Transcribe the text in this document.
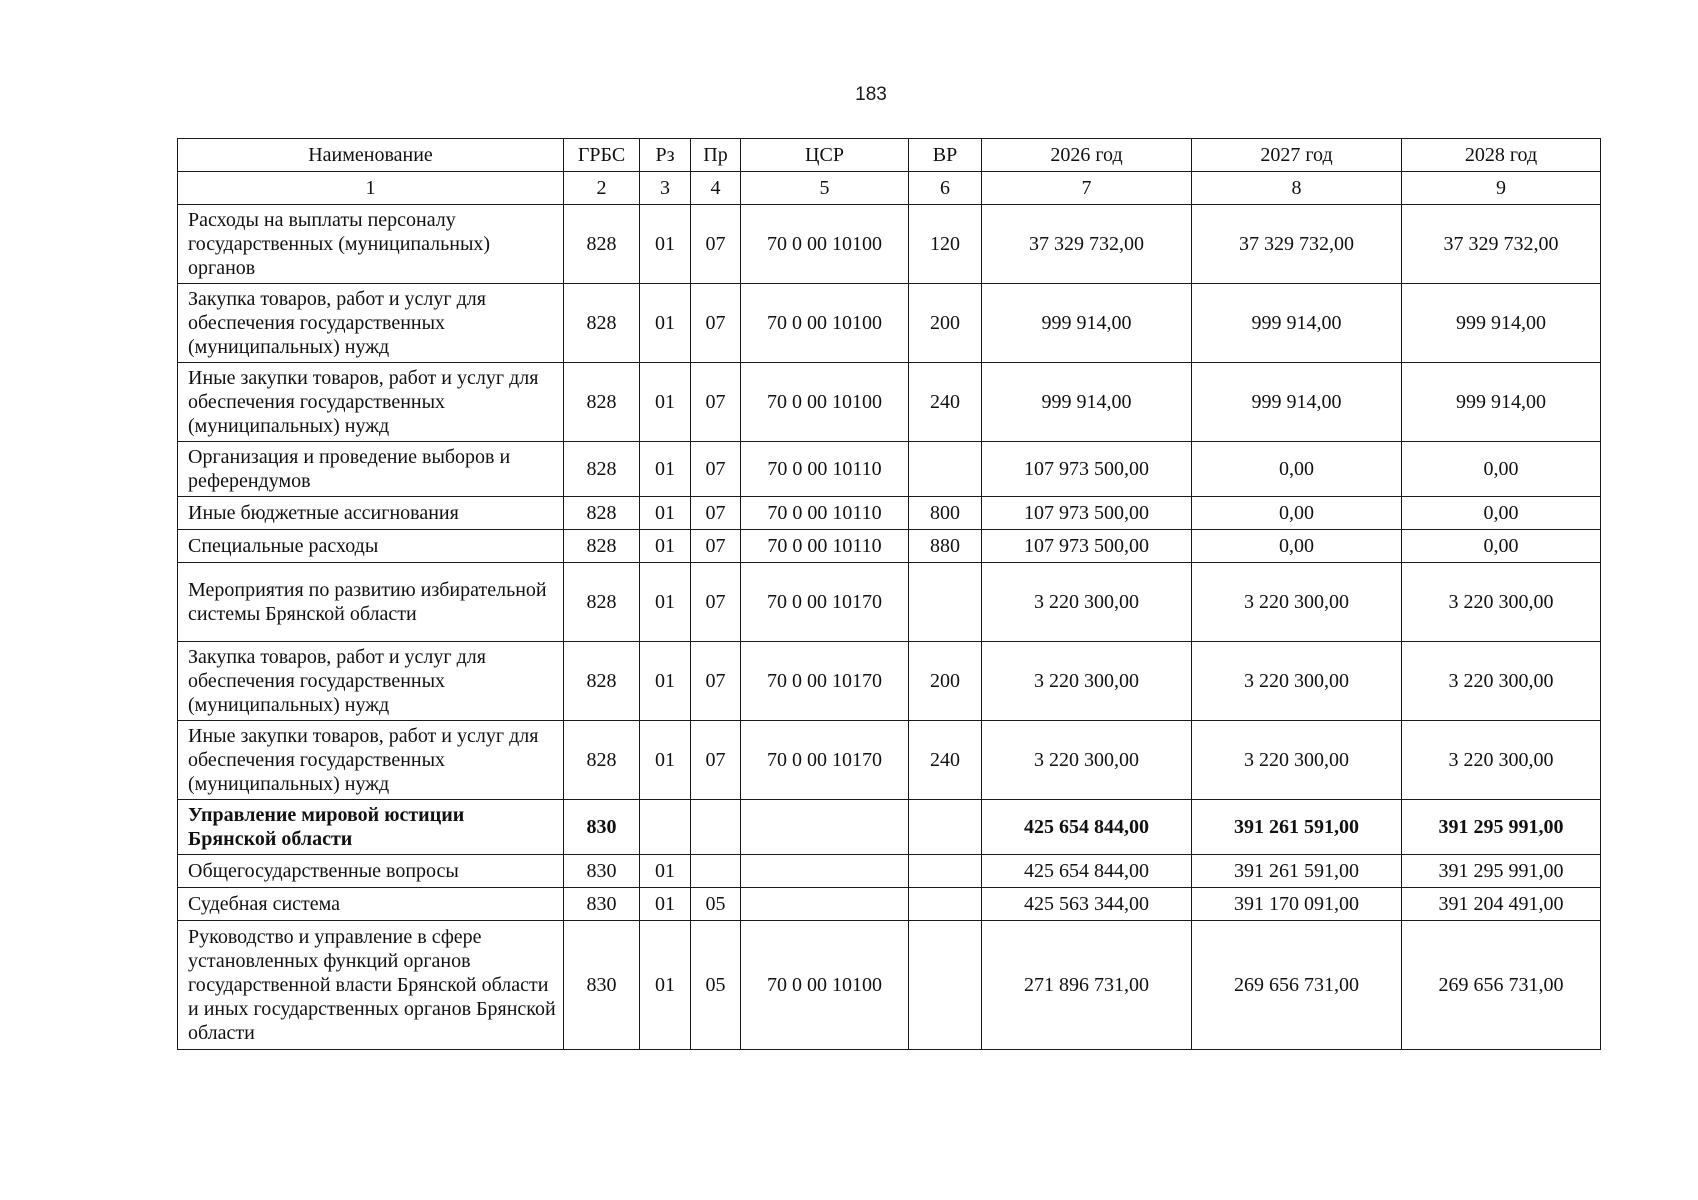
183
Наименование	ГРБС	Рз	Пр	ЦСР	ВР	2026 год	2027 год	2028 год
1	2	3	4	5	6	7	8	9
Расходы на выплаты персоналу государственных (муниципальных) органов	828	01	07	70 0 00 10100	120	37 329 732,00	37 329 732,00	37 329 732,00
Закупка товаров, работ и услуг для обеспечения государственных (муниципальных) нужд	828	01	07	70 0 00 10100	200	999 914,00	999 914,00	999 914,00
Иные закупки товаров, работ и услуг для обеспечения государственных (муниципальных) нужд	828	01	07	70 0 00 10100	240	999 914,00	999 914,00	999 914,00
Организация и проведение выборов и референдумов	828	01	07	70 0 00 10110		107 973 500,00	0,00	0,00
Иные бюджетные ассигнования	828	01	07	70 0 00 10110	800	107 973 500,00	0,00	0,00
Специальные расходы	828	01	07	70 0 00 10110	880	107 973 500,00	0,00	0,00
Мероприятия по развитию избирательной системы Брянской области	828	01	07	70 0 00 10170		3 220 300,00	3 220 300,00	3 220 300,00
Закупка товаров, работ и услуг для обеспечения государственных (муниципальных) нужд	828	01	07	70 0 00 10170	200	3 220 300,00	3 220 300,00	3 220 300,00
Иные закупки товаров, работ и услуг для обеспечения государственных (муниципальных) нужд	828	01	07	70 0 00 10170	240	3 220 300,00	3 220 300,00	3 220 300,00
Управление мировой юстиции Брянской области	830					425 654 844,00	391 261 591,00	391 295 991,00
Общегосударственные вопросы	830	01				425 654 844,00	391 261 591,00	391 295 991,00
Судебная система	830	01	05			425 563 344,00	391 170 091,00	391 204 491,00
Руководство и управление в сфере установленных функций органов государственной власти Брянской области и иных государственных органов Брянской области	830	01	05	70 0 00 10100		271 896 731,00	269 656 731,00	269 656 731,00
